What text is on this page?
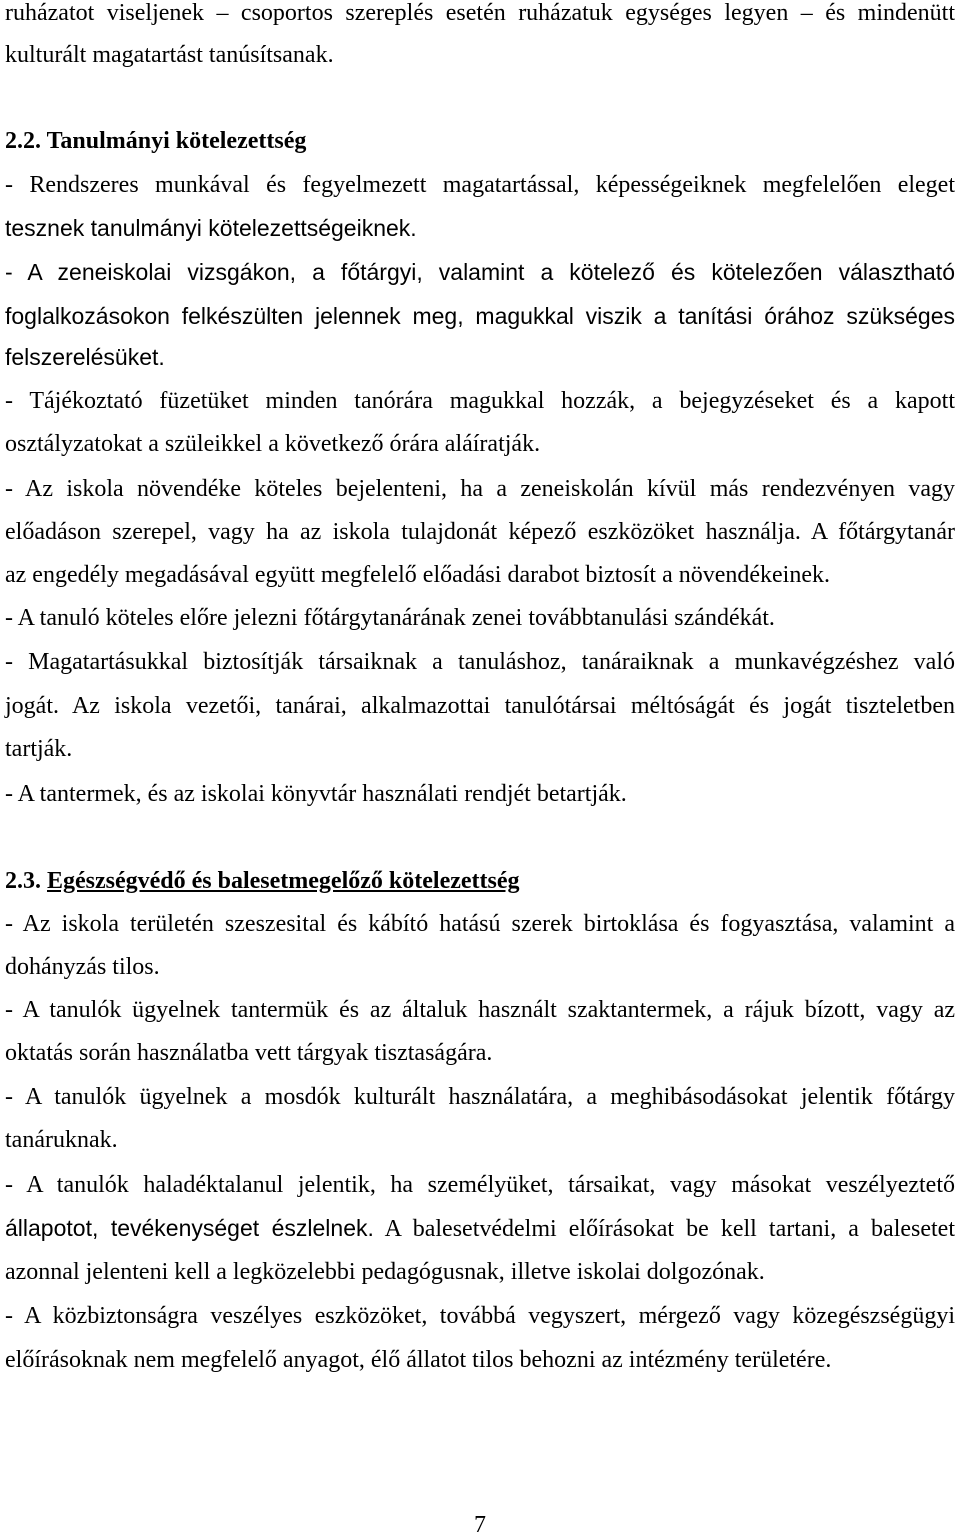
ruházatot viseljenek – csoportos szereplés esetén ruházatuk egységes legyen – és mindenütt
kulturált magatartást tanúsítsanak.
2.2. Tanulmányi kötelezettség
- Rendszeres munkával és fegyelmezett magatartással, képességeiknek megfelelően eleget
tesznek tanulmányi kötelezettségeiknek.
- A zeneiskolai vizsgákon, a főtárgyi, valamint a kötelező és kötelezően választható
foglalkozásokon felkészülten jelennek meg, magukkal viszik a tanítási órához szükséges
felszerelésüket.
- Tájékoztató füzetüket minden tanórára magukkal hozzák, a bejegyzéseket és a kapott
osztályzatokat a szüleikkel a következő órára aláíratják.
- Az iskola növendéke köteles bejelenteni, ha a zeneiskolán kívül más rendezvényen vagy
előadáson szerepel, vagy ha az iskola tulajdonát képező eszközöket használja. A főtárgytanár
az engedély megadásával együtt megfelelő előadási darabot biztosít a növendékeinek.
- A tanuló köteles előre jelezni főtárgytanárának zenei továbbtanulási szándékát.
- Magatartásukkal biztosítják társaiknak a tanuláshoz, tanáraiknak a munkavégzéshez való
jogát. Az iskola vezetői, tanárai, alkalmazottai tanulótársai méltóságát és jogát tiszteletben
tartják.
- A tantermek, és az iskolai könyvtár használati rendjét betartják.
2.3. Egészségvédő és balesetmegelőző kötelezettség
- Az iskola területén szeszesital és kábító hatású szerek birtoklása és fogyasztása, valamint a
dohányzás tilos.
- A tanulók ügyelnek tantermük és az általuk használt szaktantermek, a rájuk bízott, vagy az
oktatás során használatba vett tárgyak tisztaságára.
- A tanulók ügyelnek a mosdók kulturált használatára, a meghibásodásokat jelentik főtárgy
tanáruknak.
- A tanulók haladéktalanul jelentik, ha személyüket, társaikat, vagy másokat veszélyeztető
állapotot, tevékenységet észlelnek. A balesetvédelmi előírásokat be kell tartani, a balesetet
azonnal jelenteni kell a legközelebbi pedagógusnak, illetve iskolai dolgozónak.
- A közbiztonságra veszélyes eszközöket, továbbá vegyszert, mérgező vagy közegészségügyi
előírásoknak nem megfelelő anyagot, élő állatot tilos behozni az intézmény területére.
7
